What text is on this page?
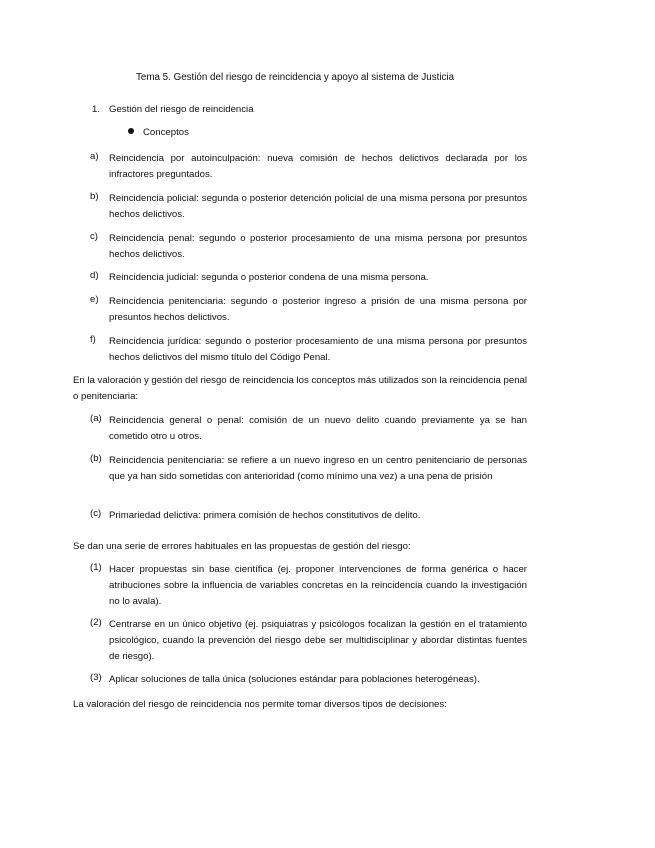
Tema 5. Gestión del riesgo de reincidencia y apoyo al sistema de Justicia
1. Gestión del riesgo de reincidencia
Conceptos
a) Reincidencia por autoinculpación: nueva comisión de hechos delictivos declarada por los infractores preguntados.
b) Reincidencia policial: segunda o posterior detención policial de una misma persona por presuntos hechos delictivos.
c) Reincidencia penal: segundo o posterior procesamiento de una misma persona por presuntos hechos delictivos.
d) Reincidencia judicial: segunda o posterior condena de una misma persona.
e) Reincidencia penitenciaria: segundo o posterior ingreso a prisión de una misma persona por presuntos hechos delictivos.
f) Reincidencia jurídica: segundo o posterior procesamiento de una misma persona por presuntos hechos delictivos del mismo título del Código Penal.
En la valoración y gestión del riesgo de reincidencia los conceptos más utilizados son la reincidencia penal o penitenciaria:
(a) Reincidencia general o penal: comisión de un nuevo delito cuando previamente ya se han cometido otro u otros.
(b) Reincidencia penitenciaria: se refiere a un nuevo ingreso en un centro penitenciario de personas que ya han sido sometidas con anterioridad (como mínimo una vez) a una pena de prisión
(c) Primariedad delictiva: primera comisión de hechos constitutivos de delito.
Se dan una serie de errores habituales en las propuestas de gestión del riesgo:
(1) Hacer propuestas sin base científica (ej. proponer intervenciones de forma genérica o hacer atribuciones sobre la influencia de variables concretas en la reincidencia cuando la investigación no lo avala).
(2) Centrarse en un único objetivo (ej. psiquiatras y psicólogos focalizan la gestión en el tratamiento psicológico, cuando la prevención del riesgo debe ser multidisciplinar y abordar distintas fuentes de riesgo).
(3) Aplicar soluciones de talla única (soluciones estándar para poblaciones heterogéneas).
La valoración del riesgo de reincidencia nos permite tomar diversos tipos de decisiones:
